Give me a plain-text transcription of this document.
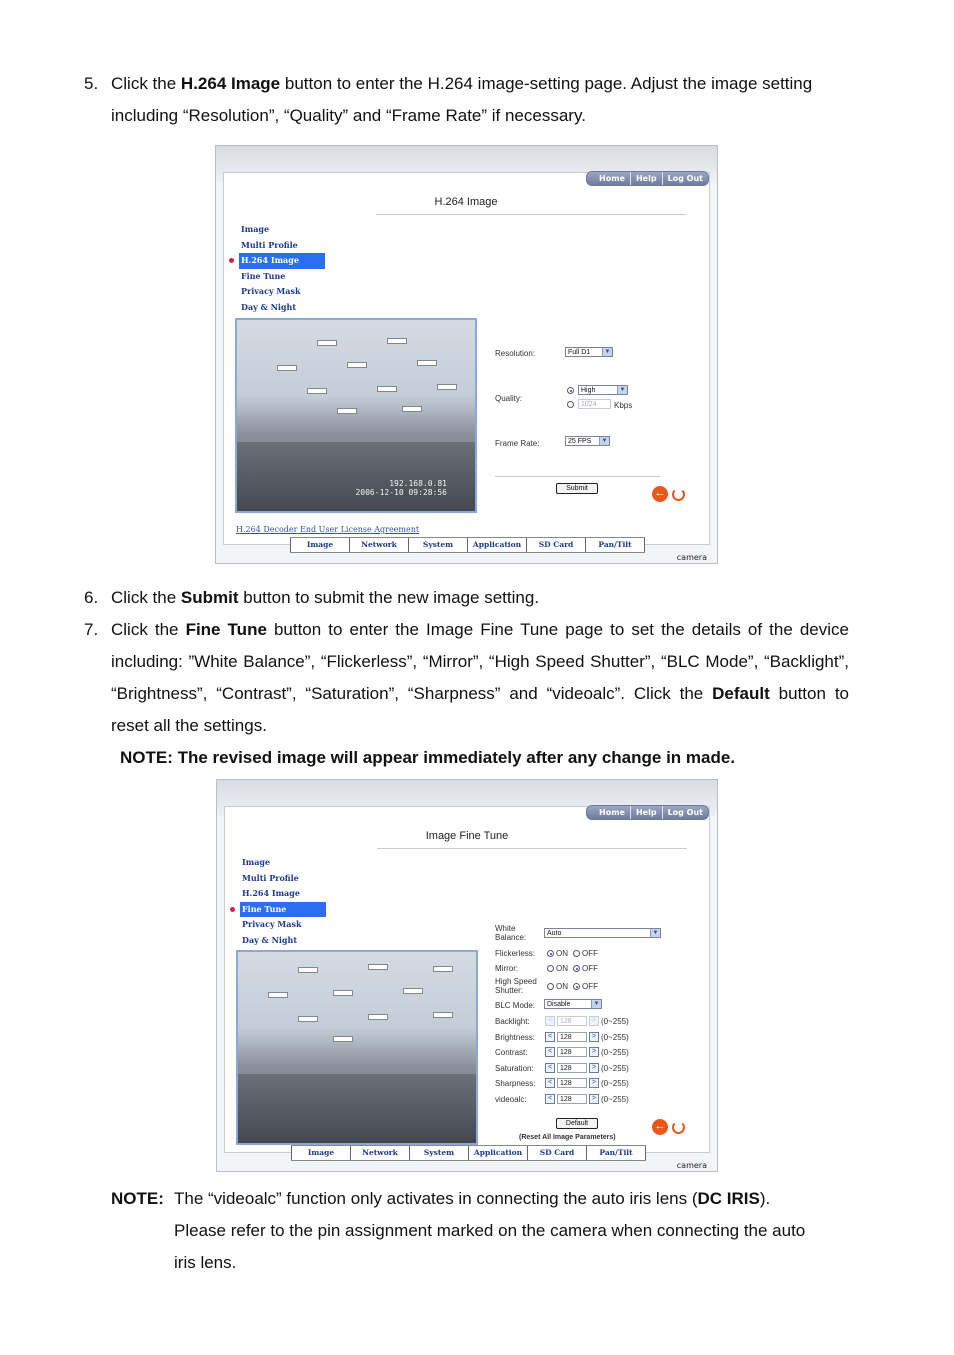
5. Click the H.264 Image button to enter the H.264 image-setting page. Adjust the image setting
including “Resolution”, “Quality” and “Frame Rate” if necessary.
Home	Help	Log Out
H.264 Image
Image
Multi Profile
H.264 Image
Fine Tune
Privacy Mask
Day & Night
192.168.0.81
2006-12-10 09:28:56
Resolution:	Full D1	▼
Quality:
High	▼
1024	Kbps
Frame Rate:	25 FPS	▼
Submit	←
H.264 Decoder End User License Agreement
Image	Network	System	Application	SD Card	Pan/Tilt
camera
6. Click the Submit button to submit the new image setting.
7. Click the Fine Tune button to enter the Image Fine Tune page to set the details of the device including: ”White Balance”, “Flickerless”, “Mirror”, “High Speed Shutter”, “BLC Mode”, “Backlight”, “Brightness”, “Contrast”, “Saturation”, “Sharpness” and “videoalc”. Click the Default button to reset all the settings.
NOTE: The revised image will appear immediately after any change in made.
Home	Help	Log Out
Image Fine Tune
Image
Multi Profile
H.264 Image
Fine Tune
Privacy Mask
Day & Night
White Balance:	Auto	▼
Flickerless:	ON OFF
Mirror:	ON OFF
High Speed Shutter:	ON OFF
BLC Mode:	Disable	▼
Backlight:	<	128	> (0~255)
Brightness:	<	128	> (0~255)
Contrast:	<	128	> (0~255)
Saturation:	<	128	> (0~255)
Sharpness:	<	128	> (0~255)
videoalc:	<	128	> (0~255)
Default
(Reset All Image Parameters)
←
Image	Network	System	Application	SD Card	Pan/Tilt
camera
NOTE: The “videoalc” function only activates in connecting the auto iris lens (DC IRIS).
Please refer to the pin assignment marked on the camera when connecting the auto
iris lens.
